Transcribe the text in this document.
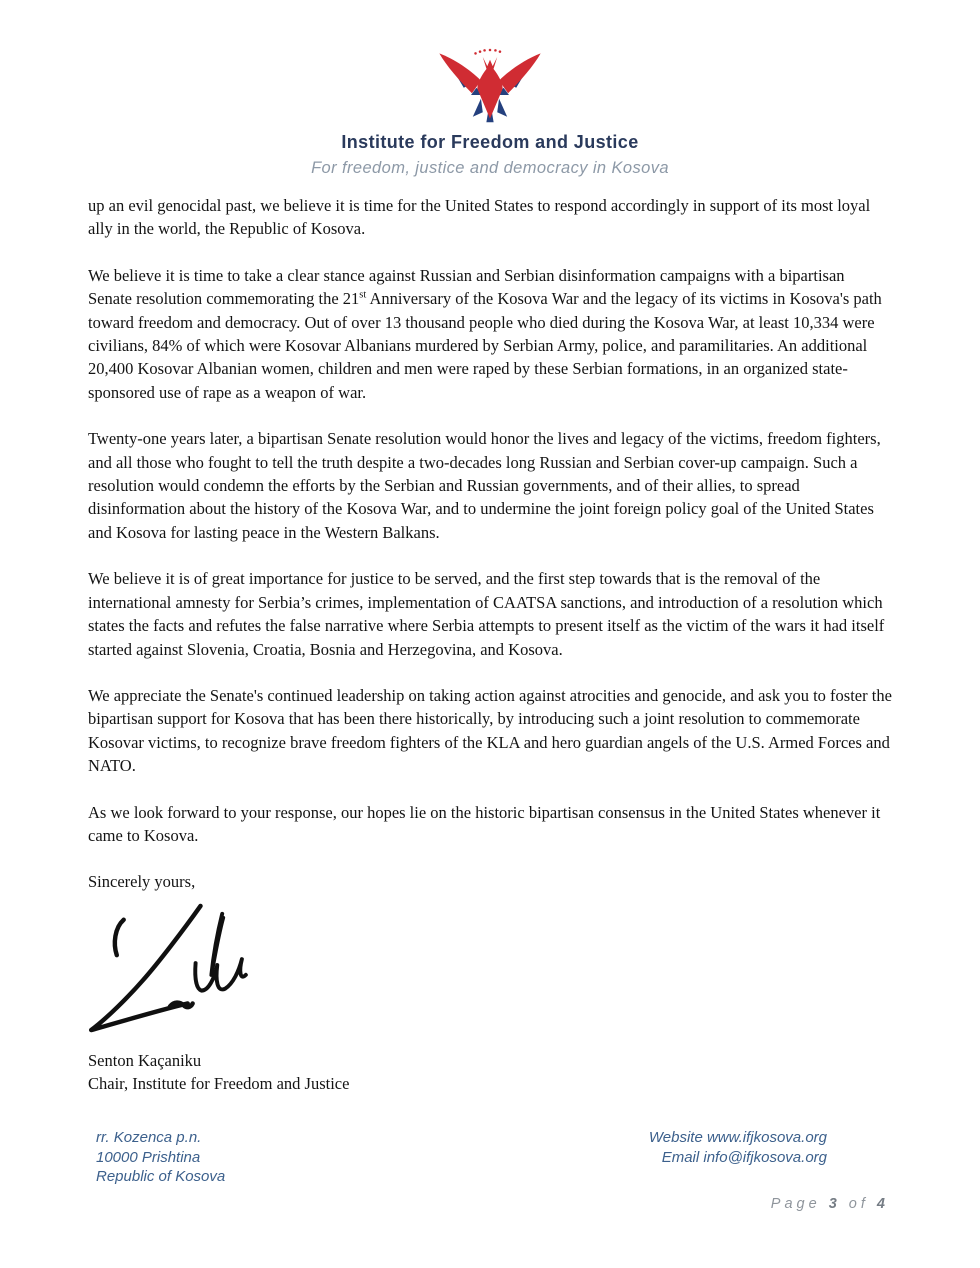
Institute for Freedom and Justice
For freedom, justice and democracy in Kosova

up an evil genocidal past, we believe it is time for the United States to respond accordingly in support of its most loyal ally in the world, the Republic of Kosova.

We believe it is time to take a clear stance against Russian and Serbian disinformation campaigns with a bipartisan Senate resolution commemorating the 21st Anniversary of the Kosova War and the legacy of its victims in Kosova's path toward freedom and democracy. Out of over 13 thousand people who died during the Kosova War, at least 10,334 were civilians, 84% of which were Kosovar Albanians murdered by Serbian Army, police, and paramilitaries. An additional 20,400 Kosovar Albanian women, children and men were raped by these Serbian formations, in an organized state-sponsored use of rape as a weapon of war.

Twenty-one years later, a bipartisan Senate resolution would honor the lives and legacy of the victims, freedom fighters, and all those who fought to tell the truth despite a two-decades long Russian and Serbian cover-up campaign. Such a resolution would condemn the efforts by the Serbian and Russian governments, and of their allies, to spread disinformation about the history of the Kosova War, and to undermine the joint foreign policy goal of the United States and Kosova for lasting peace in the Western Balkans.

We believe it is of great importance for justice to be served, and the first step towards that is the removal of the international amnesty for Serbia’s crimes, implementation of CAATSA sanctions, and introduction of a resolution which states the facts and refutes the false narrative where Serbia attempts to present itself as the victim of the wars it had itself started against Slovenia, Croatia, Bosnia and Herzegovina, and Kosova.

We appreciate the Senate's continued leadership on taking action against atrocities and genocide, and ask you to foster the bipartisan support for Kosova that has been there historically, by introducing such a joint resolution to commemorate Kosovar victims, to recognize brave freedom fighters of the KLA and hero guardian angels of the U.S. Armed Forces and NATO.

As we look forward to your response, our hopes lie on the historic bipartisan consensus in the United States whenever it came to Kosova.

Sincerely yours,

Senton Kaçaniku
Chair, Institute for Freedom and Justice
rr. Kozenca p.n.
10000 Prishtina
Republic of Kosova
Website www.ifjkosova.org
Email info@ifjkosova.org
Page 3 of 4
